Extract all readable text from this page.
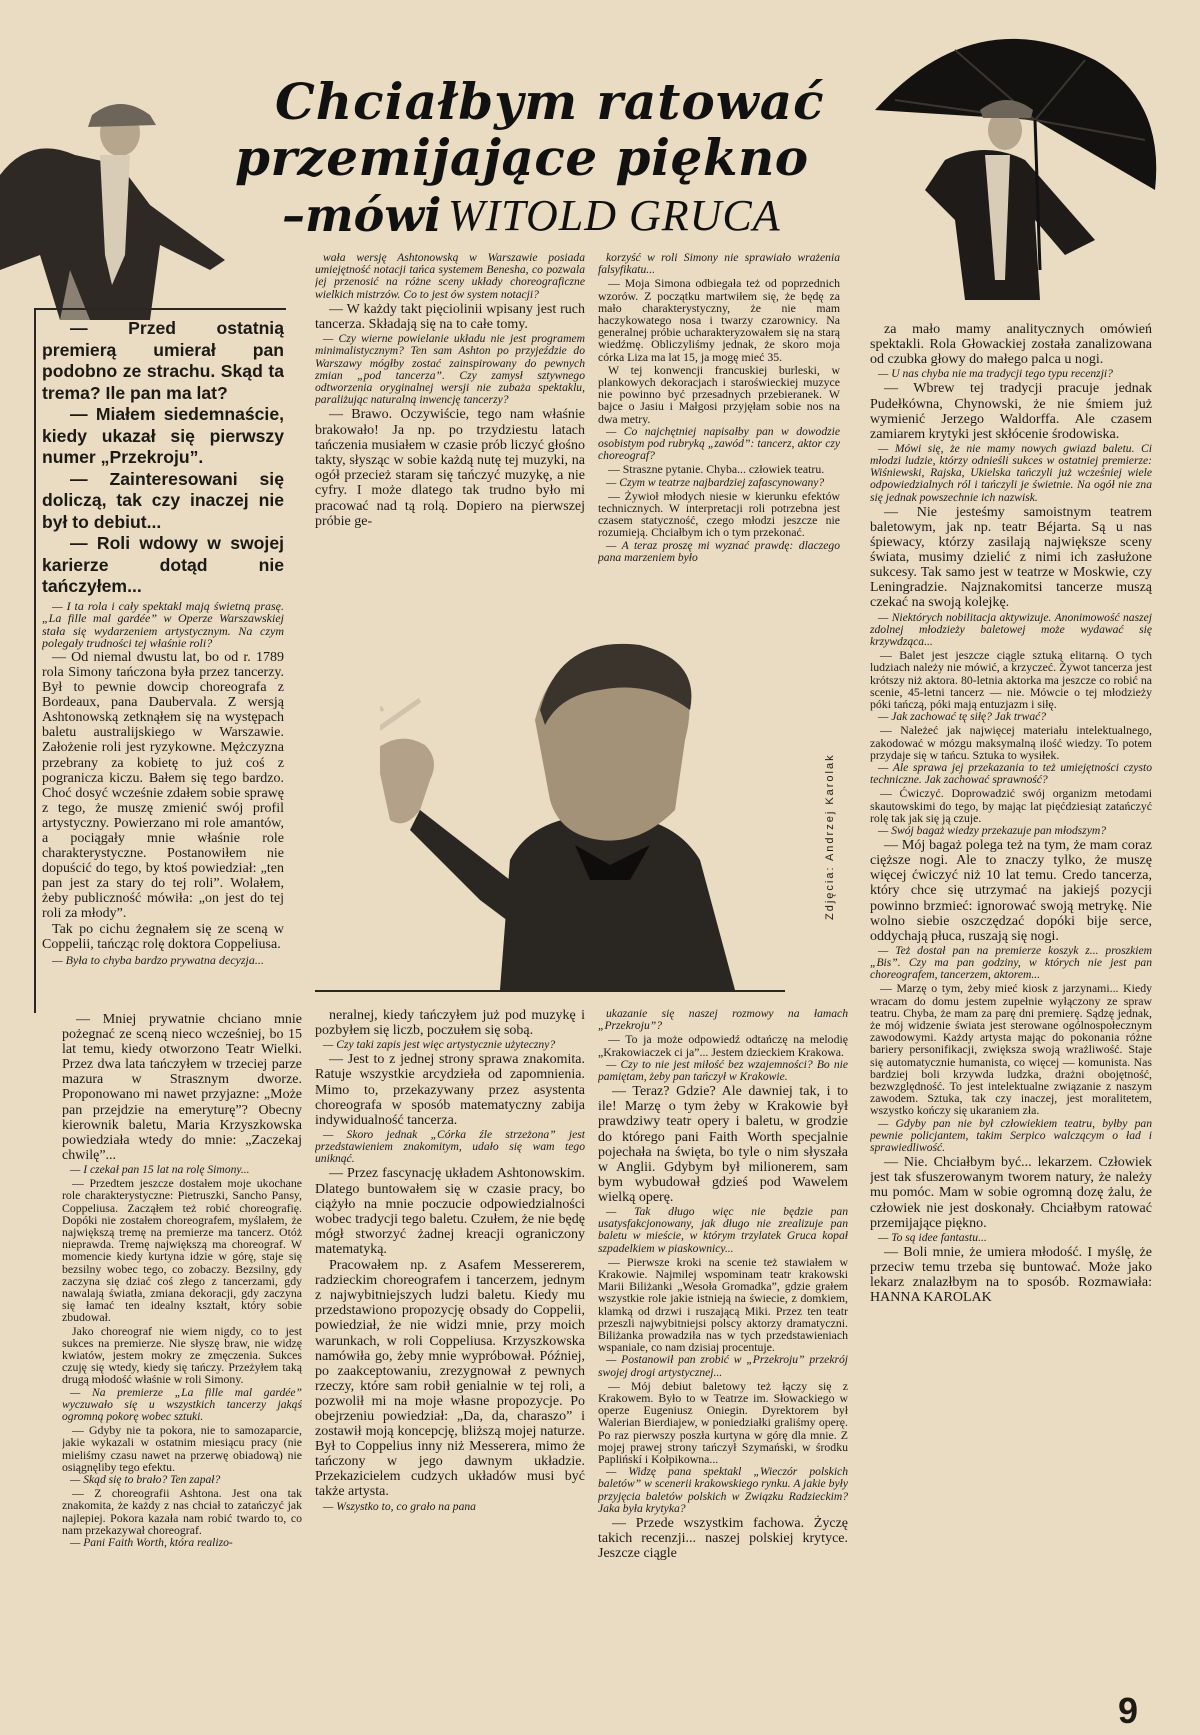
Chciałbym ratować
przemijające piękno
–mówi WITOLD GRUCA

— Przed ostatnią premierą umierał pan podobno ze strachu. Skąd ta trema? Ile pan ma lat?

— Miałem siedemnaście, kiedy ukazał się pierwszy numer „Przekroju”.

— Zainteresowani się doliczą, tak czy inaczej nie był to debiut...

— Roli wdowy w swojej karierze dotąd nie tańczyłem...

— I ta rola i cały spektakl mają świetną prasę. „La fille mal gardée” w Operze Warszawskiej stała się wydarzeniem artystycznym. Na czym polegały trudności tej właśnie roli?

— Od niemal dwustu lat, bo od r. 1789 rola Simony tańczona była przez tancerzy. Był to pewnie dowcip choreografa z Bordeaux, pana Daubervala. Z wersją Ashtonowską zetknąłem się na występach baletu australijskiego w Warszawie. Założenie roli jest ryzykowne. Mężczyzna przebrany za kobietę to już coś z pogranicza kiczu. Bałem się tego bardzo. Choć dosyć wcześnie zdałem sobie sprawę z tego, że muszę zmienić swój profil artystyczny. Powierzano mi role amantów, a pociągały mnie właśnie role charakterystyczne. Postanowiłem nie dopuścić do tego, by ktoś powiedział: „ten pan jest za stary do tej roli”. Wolałem, żeby publiczność mówiła: „on jest do tej roli za młody”.

Tak po cichu żegnałem się ze sceną w Coppelii, tańcząc rolę doktora Coppeliusa.

— Była to chyba bardzo prywatna decyzja...

— Mniej prywatnie chciano mnie pożegnać ze sceną nieco wcześniej, bo 15 lat temu, kiedy otworzono Teatr Wielki. Przez dwa lata tańczyłem w trzeciej parze mazura w Strasznym dworze. Proponowano mi nawet przyjazne: „Może pan przejdzie na emeryturę”? Obecny kierownik baletu, Maria Krzyszkowska powiedziała wtedy do mnie: „Zaczekaj chwilę”...

— I czekał pan 15 lat na rolę Simony...

— Przedtem jeszcze dostałem moje ukochane role charakterystyczne: Pietruszki, Sancho Pansy, Coppeliusa. Zacząłem też robić choreografię. Dopóki nie zostałem choreografem, myślałem, że największą tremę na premierze ma tancerz. Otóż nieprawda. Tremę największą ma choreograf. W momencie kiedy kurtyna idzie w górę, staje się bezsilny wobec tego, co zobaczy. Bezsilny, gdy zaczyna się dziać coś złego z tancerzami, gdy nawalają światła, zmiana dekoracji, gdy zaczyna się łamać ten idealny kształt, który sobie zbudował.

Jako choreograf nie wiem nigdy, co to jest sukces na premierze. Nie słyszę braw, nie widzę kwiatów, jestem mokry ze zmęczenia. Sukces czuję się wtedy, kiedy się tańczy. Przeżyłem taką drugą młodość właśnie w roli Simony.

— Na premierze „La fille mal gardée” wyczuwało się u wszystkich tancerzy jakąś ogromną pokorę wobec sztuki.

— Gdyby nie ta pokora, nie to samozaparcie, jakie wykazali w ostatnim miesiącu pracy (nie mieliśmy czasu nawet na przerwę obiadową) nie osiągnęliby tego efektu.

— Skąd się to brało? Ten zapał?

— Z choreografii Ashtona. Jest ona tak znakomita, że każdy z nas chciał to zatańczyć jak najlepiej. Pokora kazała nam robić twardo to, co nam przekazywał choreograf.

— Pani Faith Worth, która realizo-

wała wersję Ashtonowską w Warszawie posiada umiejętność notacji tańca systemem Benesha, co pozwala jej przenosić na różne sceny układy choreograficzne wielkich mistrzów. Co to jest ów system notacji?

— W każdy takt pięciolinii wpisany jest ruch tancerza. Składają się na to całe tomy.

— Czy wierne powielanie układu nie jest programem minimalistycznym? Ten sam Ashton po przyjeździe do Warszawy mógłby zostać zainspirowany do pewnych zmian „pod tancerza”. Czy zamysł sztywnego odtworzenia oryginalnej wersji nie zubaża spektaklu, paraliżując naturalną inwencję tancerzy?

— Brawo. Oczywiście, tego nam właśnie brakowało! Ja np. po trzydziestu latach tańczenia musiałem w czasie prób liczyć głośno takty, słysząc w sobie każdą nutę tej muzyki, na ogół przecież staram się tańczyć muzykę, a nie cyfry. I może dlatego tak trudno było mi pracować nad tą rolą. Dopiero na pierwszej próbie ge-

Zdjęcia: Andrzej Karolak

korzyść w roli Simony nie sprawiało wrażenia falsyfikatu...

— Moja Simona odbiegała też od poprzednich wzorów. Z początku martwiłem się, że będę za mało charakterystyczny, że nie mam haczykowatego nosa i twarzy czarownicy. Na generalnej próbie ucharakteryzowałem się na starą wiedźmę. Obliczyliśmy jednak, że skoro moja córka Liza ma lat 15, ja mogę mieć 35.

W tej konwencji francuskiej burleski, w plankowych dekoracjach i staroświeckiej muzyce nie powinno być przesadnych przebieranek. W bajce o Jasiu i Małgosi przyjęłam sobie nos na dwa metry.

— Co najchętniej napisałby pan w dowodzie osobistym pod rubryką „zawód”: tancerz, aktor czy choreograf?

— Straszne pytanie. Chyba... człowiek teatru.

— Czym w teatrze najbardziej zafascynowany?

— Żywioł młodych niesie w kierunku efektów technicznych. W interpretacji roli potrzebna jest czasem statyczność, czego młodzi jeszcze nie rozumieją. Chciałbym ich o tym przekonać.

— A teraz proszę mi wyznać prawdę: dlaczego pana marzeniem było

neralnej, kiedy tańczyłem już pod muzykę i pozbyłem się liczb, poczułem się sobą.

— Czy taki zapis jest więc artystycznie użyteczny?

— Jest to z jednej strony sprawa znakomita. Ratuje wszystkie arcydzieła od zapomnienia. Mimo to, przekazywany przez asystenta choreografa w sposób matematyczny zabija indywidualność tancerza.

— Skoro jednak „Córka źle strzeżona” jest przedstawieniem znakomitym, udało się wam tego uniknąć.

— Przez fascynację układem Ashtonowskim. Dlatego buntowałem się w czasie pracy, bo ciążyło na mnie poczucie odpowiedzialności wobec tradycji tego baletu. Czułem, że nie będę mógł stworzyć żadnej kreacji ograniczony matematyką.

Pracowałem np. z Asafem Messererem, radzieckim choreografem i tancerzem, jednym z najwybitniejszych ludzi baletu. Kiedy mu przedstawiono propozycję obsady do Coppelii, powiedział, że nie widzi mnie, przy moich warunkach, w roli Coppeliusa. Krzyszkowska namówiła go, żeby mnie wypróbował. Później, po zaakceptowaniu, zrezygnował z pewnych rzeczy, które sam robił genialnie w tej roli, a pozwolił mi na moje własne propozycje. Po obejrzeniu powiedział: „Da, da, charaszo” i zostawił moją koncepcję, bliższą mojej naturze. Był to Coppelius inny niż Messerera, mimo że tańczony w jego dawnym układzie. Przekazicielem cudzych układów musi być także artysta.

— Wszystko to, co grało na pana

ukazanie się naszej rozmowy na łamach „Przekroju”?

— To ja może odpowiedź odtańczę na melodię „Krakowiaczek ci ja”... Jestem dzieckiem Krakowa.

— Czy to nie jest miłość bez wzajemności? Bo nie pamiętam, żeby pan tańczył w Krakowie.

— Teraz? Gdzie? Ale dawniej tak, i to ile! Marzę o tym żeby w Krakowie był prawdziwy teatr opery i baletu, w grodzie do którego pani Faith Worth specjalnie pojechała na święta, bo tyle o nim słyszała w Anglii. Gdybym był milionerem, sam bym wybudował gdzieś pod Wawelem wielką operę.

— Tak długo więc nie będzie pan usatysfakcjonowany, jak długo nie zrealizuje pan baletu w mieście, w którym trzylatek Gruca kopał szpadelkiem w piaskownicy...

— Pierwsze kroki na scenie też stawiałem w Krakowie. Najmilej wspominam teatr krakowski Marii Biliżanki „Wesoła Gromadka”, gdzie grałem wszystkie role jakie istnieją na świecie, z domkiem, klamką od drzwi i ruszającą Miki. Przez ten teatr przeszli najwybitniejsi polscy aktorzy dramatyczni. Biliżanka prowadziła nas w tych przedstawieniach wspaniale, co nam dzisiaj procentuje.

— Postanowił pan zrobić w „Przekroju” przekrój swojej drogi artystycznej...

— Mój debiut baletowy też łączy się z Krakowem. Było to w Teatrze im. Słowackiego w operze Eugeniusz Oniegin. Dyrektorem był Walerian Bierdiajew, w poniedziałki graliśmy operę. Po raz pierwszy poszła kurtyna w górę dla mnie. Z mojej prawej strony tańczył Szymański, w środku Paplińskí i Kołpikowna...

— Widzę pana spektakl „Wieczór polskich baletów” w scenerii krakowskiego rynku. A jakie były przyjęcia baletów polskich w Związku Radzieckim? Jaka była krytyka?

— Przede wszystkim fachowa. Życzę takich recenzji... naszej polskiej krytyce. Jeszcze ciągle

za mało mamy analitycznych omówień spektakli. Rola Głowackiej została zanalizowana od czubka głowy do małego palca u nogi.

— U nas chyba nie ma tradycji tego typu recenzji?

— Wbrew tej tradycji pracuje jednak Pudełkówna, Chynowski, że nie śmiem już wymienić Jerzego Waldorffa. Ale czasem zamiarem krytyki jest skłócenie środowiska.

— Mówi się, że nie mamy nowych gwiazd baletu. Ci młodzi ludzie, którzy odnieśli sukces w ostatniej premierze: Wiśniewski, Rajska, Ukielska tańczyli już wcześniej wiele odpowiedzialnych ról i tańczyli je świetnie. Na ogół nie zna się jednak powszechnie ich nazwisk.

— Nie jesteśmy samoistnym teatrem baletowym, jak np. teatr Béjarta. Są u nas śpiewacy, którzy zasilają największe sceny świata, musimy dzielić z nimi ich zasłużone sukcesy. Tak samo jest w teatrze w Moskwie, czy Leningradzie. Najznakomitsi tancerze muszą czekać na swoją kolejkę.

— Niektórych nobilitacja aktywizuje. Anonimowość naszej zdolnej młodzieży baletowej może wydawać się krzywdząca...

— Balet jest jeszcze ciągle sztuką elitarną. O tych ludziach należy nie mówić, a krzyczeć. Żywot tancerza jest krótszy niż aktora. 80-letnia aktorka ma jeszcze co robić na scenie, 45-letni tancerz — nie. Mówcie o tej młodzieży póki tańczą, póki mają entuzjazm i siłę.

— Jak zachować tę siłę? Jak trwać?

— Należeć jak najwięcej materiału intelektualnego, zakodować w mózgu maksymalną ilość wiedzy. To potem przydaje się w tańcu. Sztuka to wysiłek.

— Ale sprawa jej przekazania to też umiejętności czysto techniczne. Jak zachować sprawność?

— Ćwiczyć. Doprowadzić swój organizm metodami skautowskimi do tego, by mając lat pięćdziesiąt zatańczyć rolę tak jak się ją czuje.

— Swój bagaż wiedzy przekazuje pan młodszym?

— Mój bagaż polega też na tym, że mam coraz cięższe nogi. Ale to znaczy tylko, że muszę więcej ćwiczyć niż 10 lat temu. Credo tancerza, który chce się utrzymać na jakiejś pozycji powinno brzmieć: ignorować swoją metrykę. Nie wolno siebie oszczędzać dopóki bije serce, oddychają płuca, ruszają się nogi.

— Też dostał pan na premierze koszyk z... proszkiem „Bis”. Czy ma pan godziny, w których nie jest pan choreografem, tancerzem, aktorem...

— Marzę o tym, żeby mieć kiosk z jarzynami... Kiedy wracam do domu jestem zupełnie wyłączony ze spraw teatru. Chyba, że mam za parę dni premierę. Sądzę jednak, że mój widzenie świata jest sterowane ogólnospołecznym zawodowymi. Każdy artysta mając do pokonania różne bariery personifikacji, zwiększa swoją wrażliwość. Staje się automatycznie humanista, co więcej — komunista. Nas bardziej boli krzywda ludzka, drażni obojętność, bezwzględność. To jest intelektualne związanie z naszym zawodem. Sztuka, tak czy inaczej, jest moralitetem, wszystko kończy się ukaraniem zła.

— Gdyby pan nie był człowiekiem teatru, byłby pan pewnie policjantem, takim Serpico walczącym o ład i sprawiedliwość.

— Nie. Chciałbym być... lekarzem. Człowiek jest tak sfuszerowanym tworem natury, że należy mu pomóc. Mam w sobie ogromną dozę żalu, że człowiek nie jest doskonały. Chciałbym ratować przemijające piękno.

— To są idee fantastu...

— Boli mnie, że umiera młodość. I myślę, że przeciw temu trzeba się buntować. Może jako lekarz znalazłbym na to sposób. Rozmawiała: HANNA KAROLAK

9
